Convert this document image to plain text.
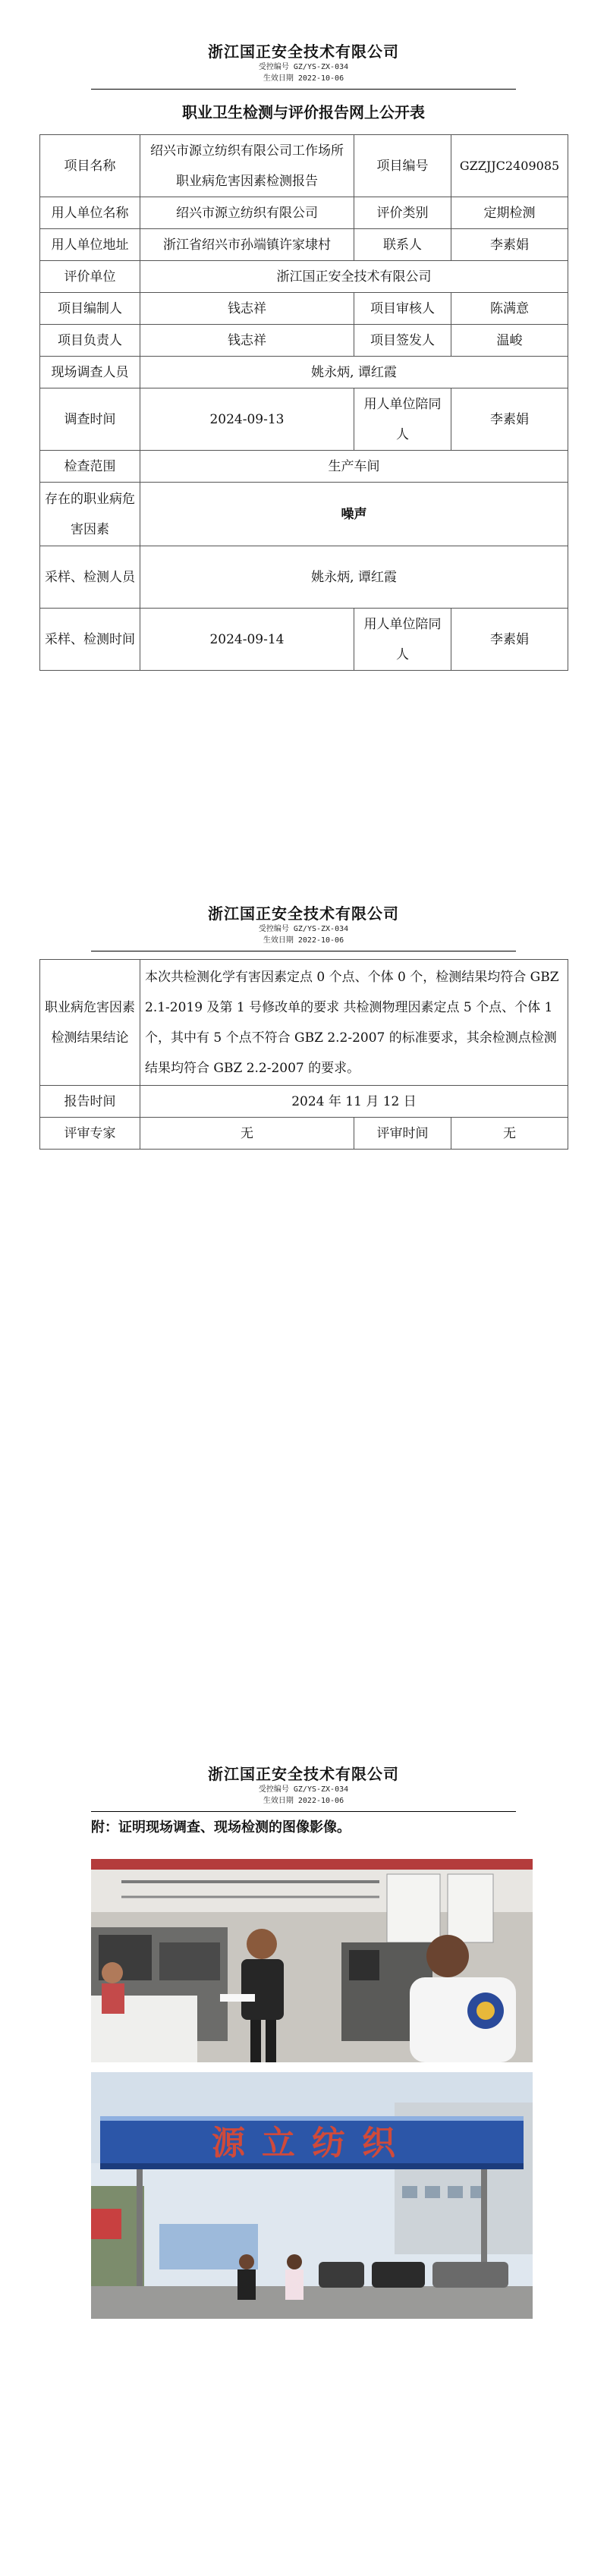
浙江国正安全技术有限公司
受控编号 GZ/YS-ZX-034
生效日期 2022-10-06
职业卫生检测与评价报告网上公开表
项目名称	绍兴市源立纺织有限公司工作场所职业病危害因素检测报告	项目编号	GZZJJC2409085
用人单位名称	绍兴市源立纺织有限公司	评价类别	定期检测
用人单位地址	浙江省绍兴市孙端镇许家埭村	联系人	李素娟
评价单位	浙江国正安全技术有限公司		
项目编制人	钱志祥	项目审核人	陈满意
项目负责人	钱志祥	项目签发人	温峻
现场调查人员	姚永炳, 谭红霞		
调查时间	2024-09-13	用人单位陪同人	李素娟
检查范围	生产车间		
存在的职业病危害因素	噪声		
采样、检测人员	姚永炳, 谭红霞		
采样、检测时间	2024-09-14	用人单位陪同人	李素娟
浙江国正安全技术有限公司
受控编号 GZ/YS-ZX-034
生效日期 2022-10-06
职业病危害因素检测结果结论	本次共检测化学有害因素定点 0 个点、个体 0 个，检测结果均符合 GBZ 2.1-2019 及第 1 号修改单的要求 共检测物理因素定点 5 个点、个体 1 个，其中有 5 个点不符合 GBZ 2.2-2007 的标准要求，其余检测点检测结果均符合 GBZ 2.2-2007 的要求。		
报告时间	2024 年 11 月 12 日		
评审专家	无	评审时间	无
浙江国正安全技术有限公司
受控编号 GZ/YS-ZX-034
生效日期 2022-10-06
附：证明现场调查、现场检测的图像影像。
源立纺织
